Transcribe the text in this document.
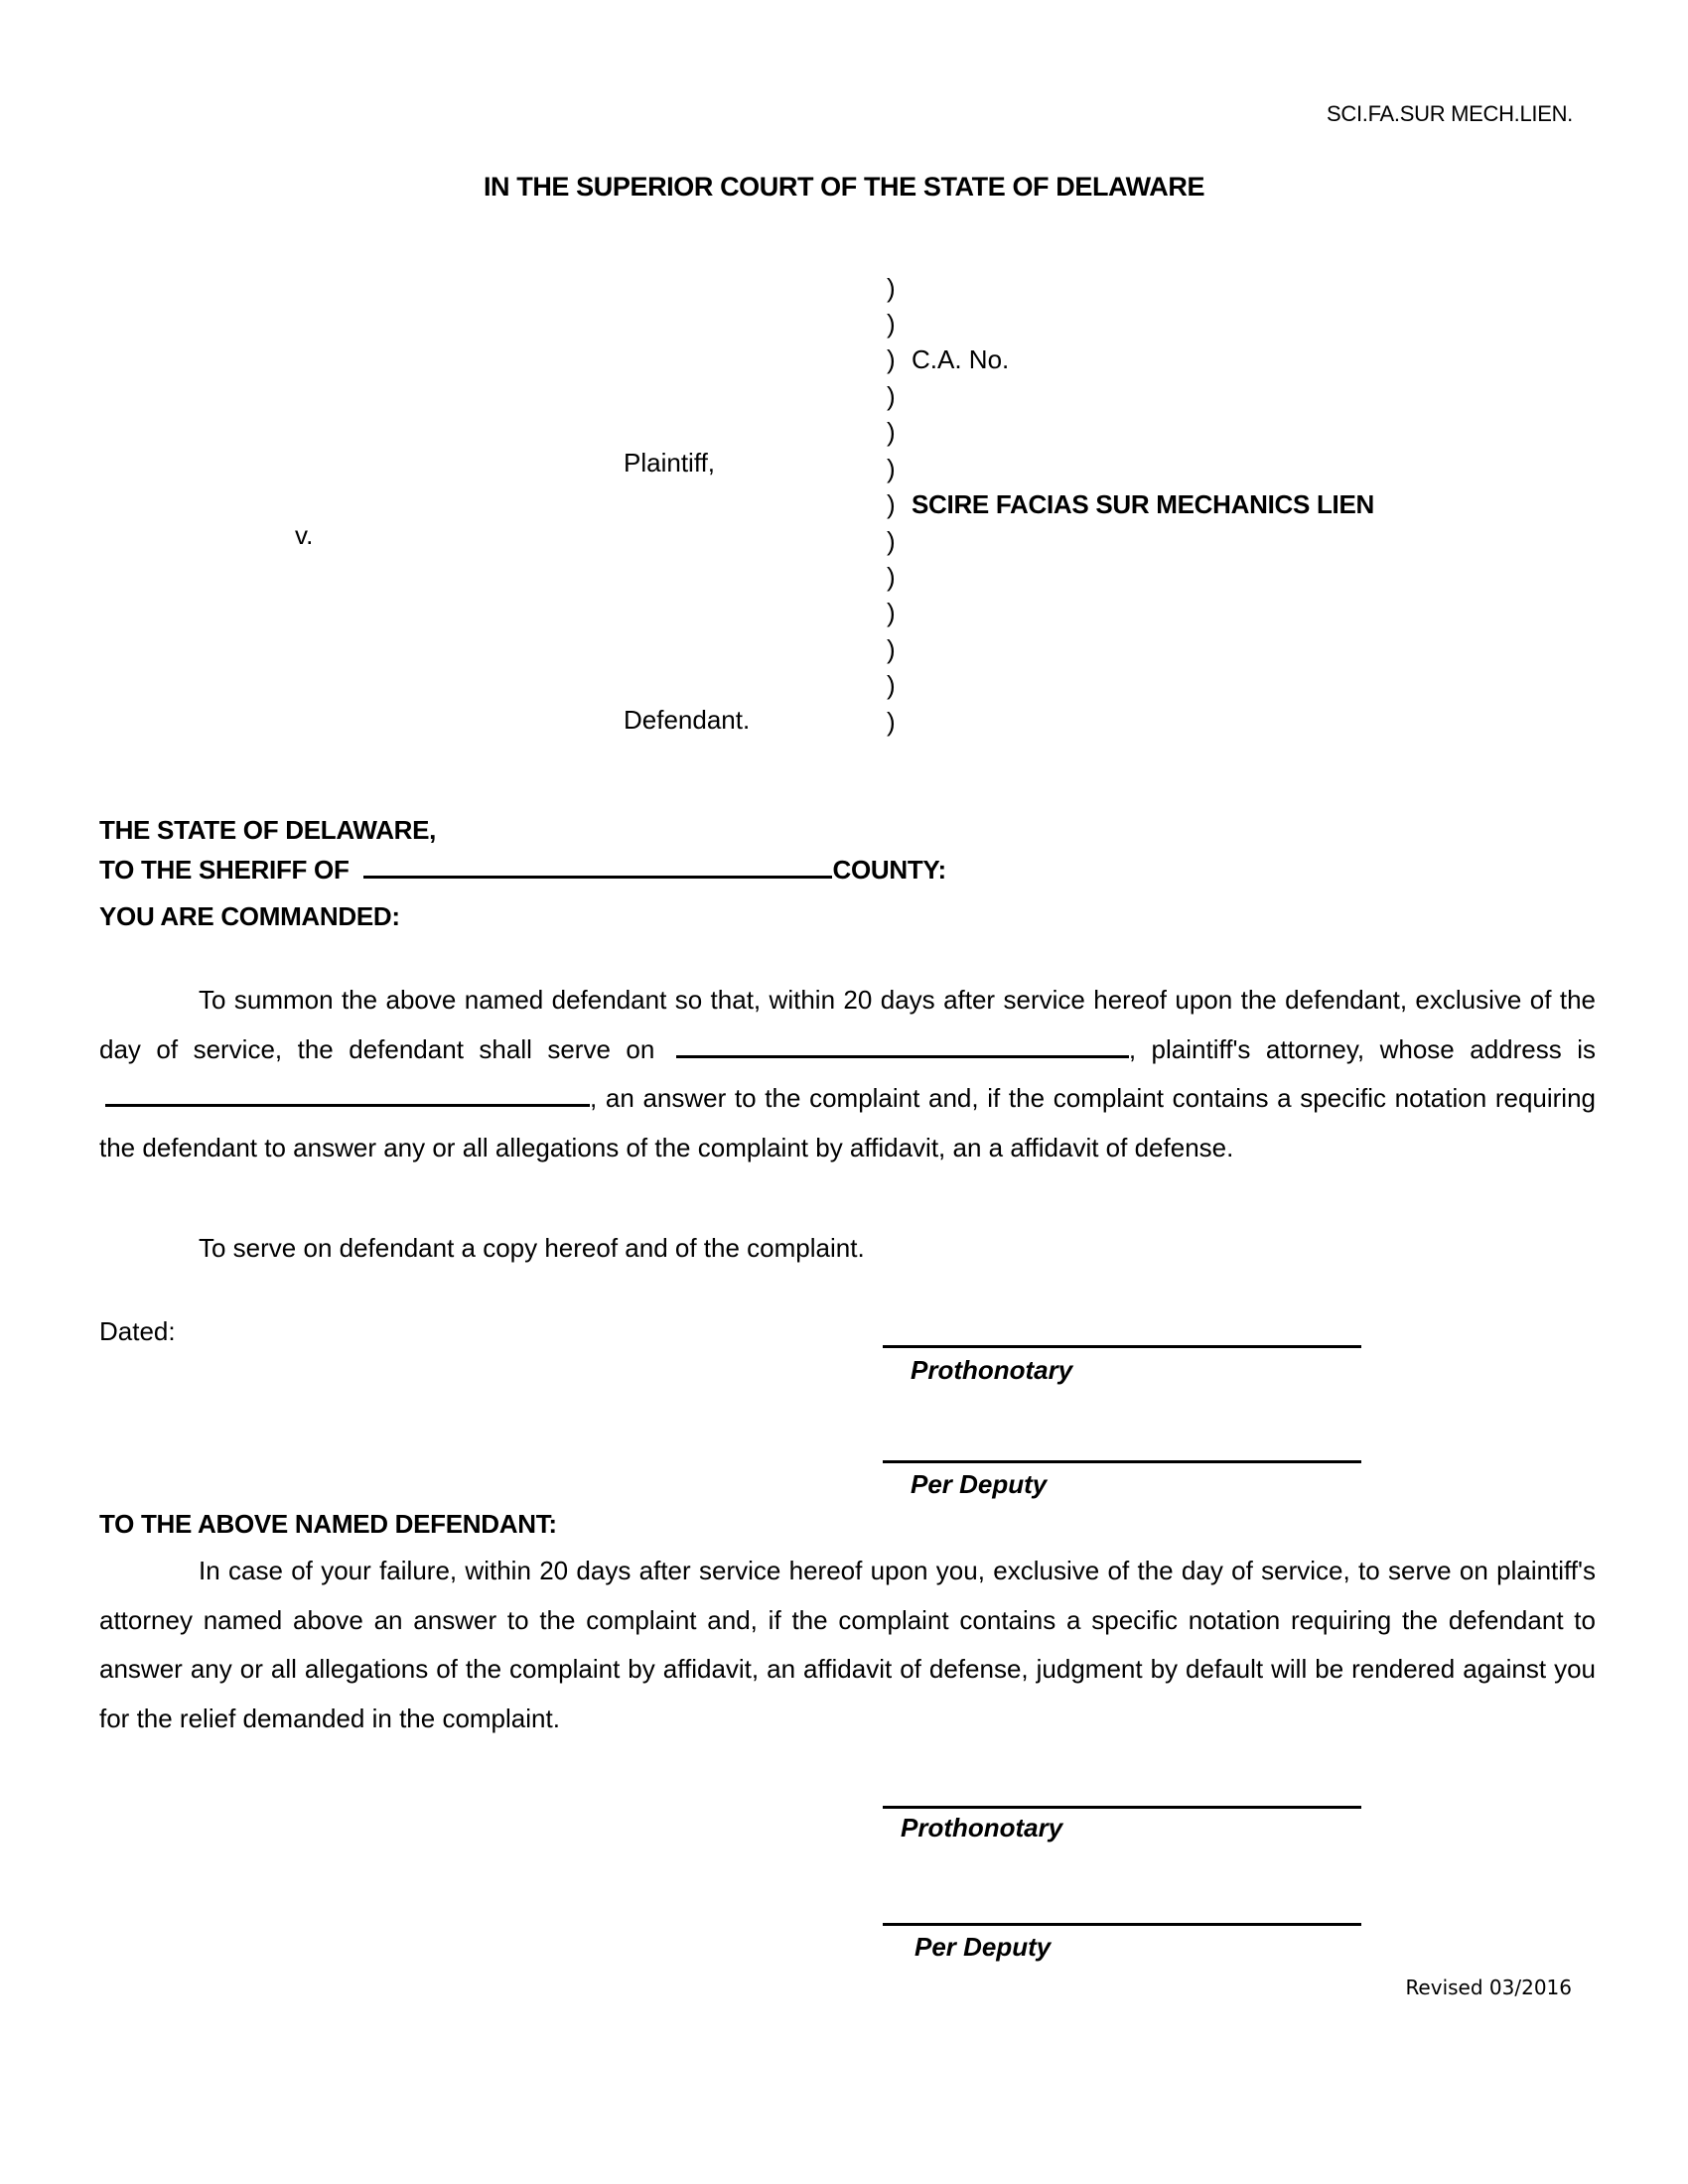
SCI.FA.SUR MECH.LIEN.
IN THE SUPERIOR COURT OF THE STATE OF DELAWARE
)
)
)
)
)
)
)
)
)
)
)
)
)
Plaintiff,
v.
Defendant.
C.A. No.
SCIRE FACIAS SUR MECHANICS LIEN
THE STATE OF DELAWARE,
TO THE SHERIFF OF	COUNTY:
YOU ARE COMMANDED:
To summon the above named defendant so that, within 20 days after service hereof upon the defendant, exclusive of the day of service, the defendant shall serve on	, plaintiff's attorney, whose address is , an answer to the complaint and, if the complaint contains a specific notation requiring the defendant to answer any or all allegations of the complaint by affidavit, an a affidavit of defense.
To serve on defendant a copy hereof and of the complaint.
Dated:
Prothonotary
Per Deputy
TO THE ABOVE NAMED DEFENDANT:
In case of your failure, within 20 days after service hereof upon you, exclusive of the day of service, to serve on plaintiff's attorney named above an answer to the complaint and, if the complaint contains a specific notation requiring the defendant to answer any or all allegations of the complaint by affidavit, an affidavit of defense, judgment by default will be rendered against you for the relief demanded in the complaint.
Prothonotary
Per Deputy
Revised 03/2016
